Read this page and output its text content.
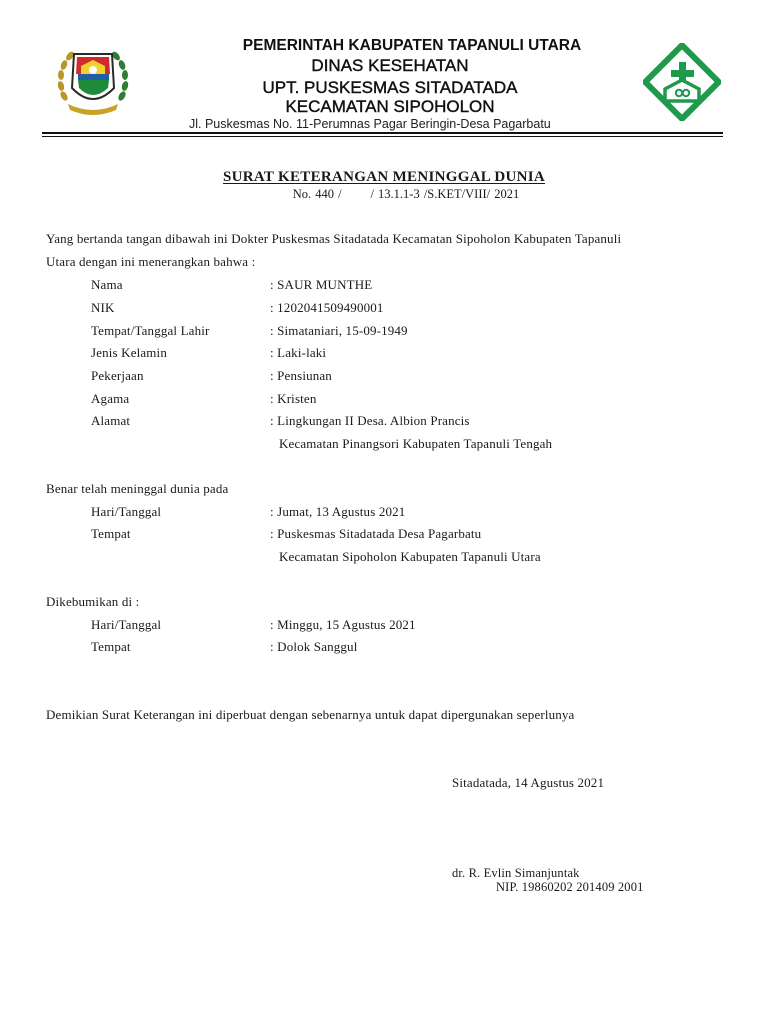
PEMERINTAH KABUPATEN TAPANULI UTARA
DINAS KESEHATAN
UPT. PUSKESMAS SITADATADA
KECAMATAN SIPOHOLON
Jl. Puskesmas No. 11-Perumnas Pagar Beringin-Desa Pagarbatu
SURAT KETERANGAN MENINGGAL DUNIA
No. 440 /       / 13.1.1-3 /S.KET/VIII/ 2021
Yang bertanda tangan dibawah ini Dokter Puskesmas Sitadatada Kecamatan Sipoholon Kabupaten Tapanuli
Utara dengan ini menerangkan bahwa :
Nama	: SAUR MUNTHE
NIK	: 1202041509490001
Tempat/Tanggal Lahir	: Simataniari, 15-09-1949
Jenis Kelamin	: Laki-laki
Pekerjaan	: Pensiunan
Agama	: Kristen
Alamat	: Lingkungan II Desa. Albion Prancis
Kecamatan Pinangsori Kabupaten Tapanuli Tengah
Benar telah meninggal dunia pada
Hari/Tanggal	: Jumat, 13 Agustus 2021
Tempat	: Puskesmas Sitadatada Desa Pagarbatu
Kecamatan Sipoholon Kabupaten Tapanuli Utara
Dikebumikan di :
Hari/Tanggal	: Minggu, 15 Agustus 2021
Tempat	: Dolok Sanggul
Demikian Surat Keterangan ini diperbuat dengan sebenarnya untuk dapat dipergunakan seperlunya
Sitadatada, 14 Agustus 2021
dr. R. Evlin Simanjuntak
NIP. 19860202 201409 2001
